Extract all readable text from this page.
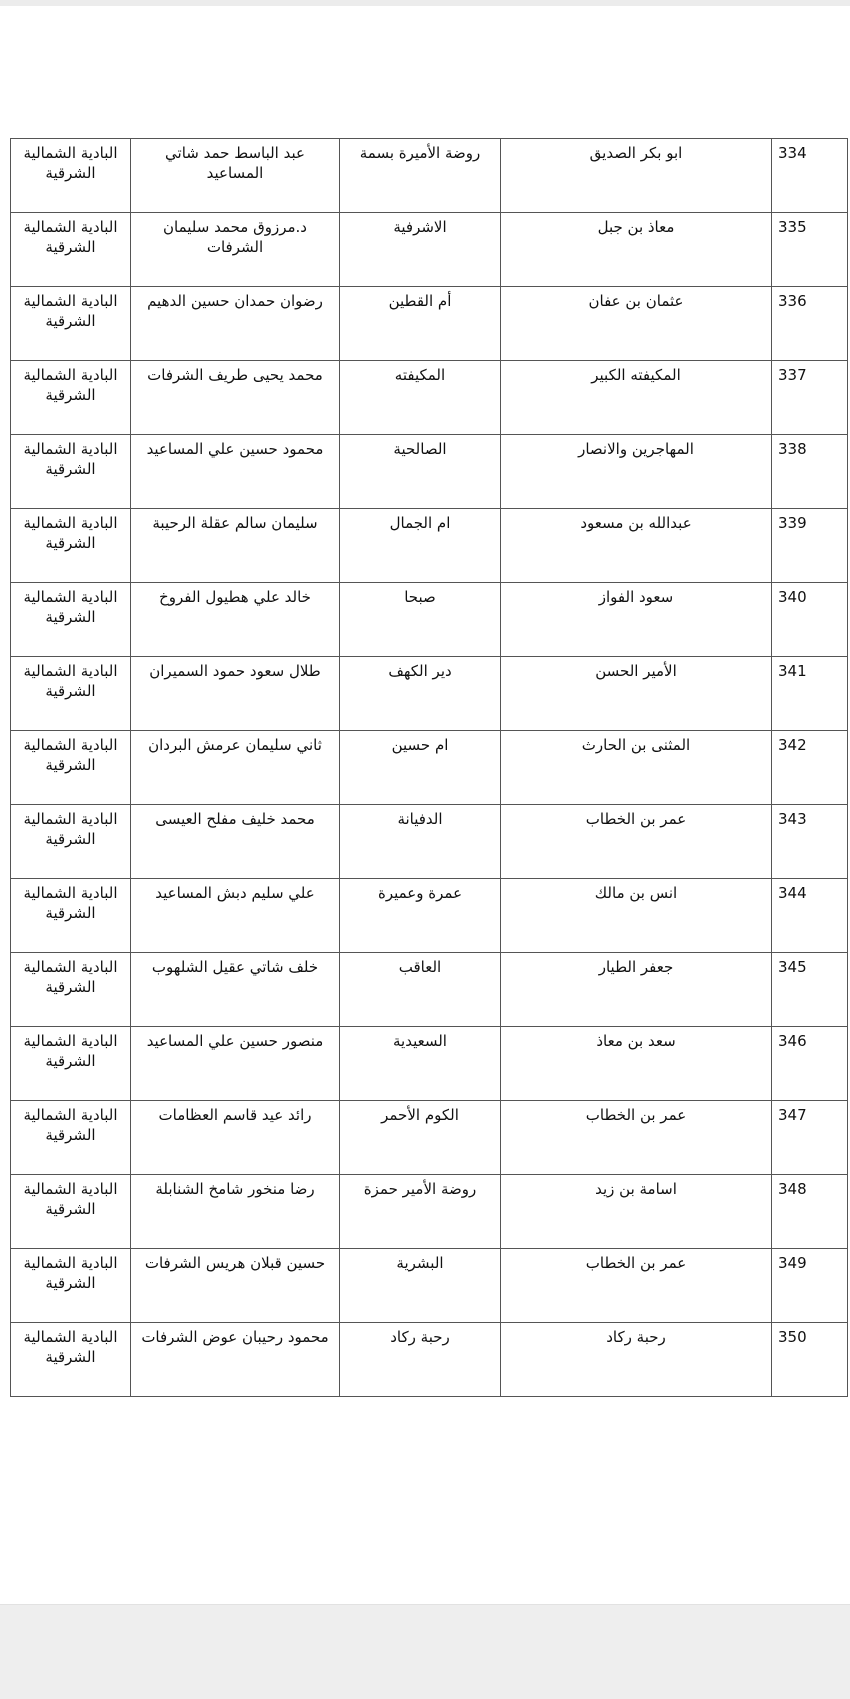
البادية الشمالية الشرقية	عبد الباسط حمد شاتي المساعيد	روضة الأميرة بسمة	ابو بكر الصديق	334
البادية الشمالية الشرقية	د.مرزوق محمد سليمان الشرفات	الاشرفية	معاذ بن جبل	335
البادية الشمالية الشرقية	رضوان حمدان حسين الدهيم	أم القطين	عثمان بن عفان	336
البادية الشمالية الشرقية	محمد يحيى طريف الشرفات	المكيفته	المكيفته الكبير	337
البادية الشمالية الشرقية	محمود حسين علي المساعيد	الصالحية	المهاجرين والانصار	338
البادية الشمالية الشرقية	سليمان سالم عقلة الرحيبة	ام الجمال	عبدالله بن مسعود	339
البادية الشمالية الشرقية	خالد علي هطيول الفروخ	صبحا	سعود الفواز	340
البادية الشمالية الشرقية	طلال سعود حمود السميران	دير الكهف	الأمير الحسن	341
البادية الشمالية الشرقية	ثاني سليمان عرمش البردان	ام حسين	المثنى بن الحارث	342
البادية الشمالية الشرقية	محمد خليف مفلح العيسى	الدفيانة	عمر بن الخطاب	343
البادية الشمالية الشرقية	علي سليم دبش المساعيد	عمرة وعميرة	انس بن مالك	344
البادية الشمالية الشرقية	خلف شاتي عقيل الشلهوب	العاقب	جعفر الطيار	345
البادية الشمالية الشرقية	منصور حسين علي المساعيد	السعيدية	سعد بن معاذ	346
البادية الشمالية الشرقية	رائد عيد قاسم العظامات	الكوم الأحمر	عمر بن الخطاب	347
البادية الشمالية الشرقية	رضا منخور شامخ الشنابلة	روضة الأمير حمزة	اسامة بن زيد	348
البادية الشمالية الشرقية	حسين قبلان هريس الشرفات	البشرية	عمر بن الخطاب	349
البادية الشمالية الشرقية	محمود رحيبان عوض الشرفات	رحبة ركاد	رحبة ركاد	350
